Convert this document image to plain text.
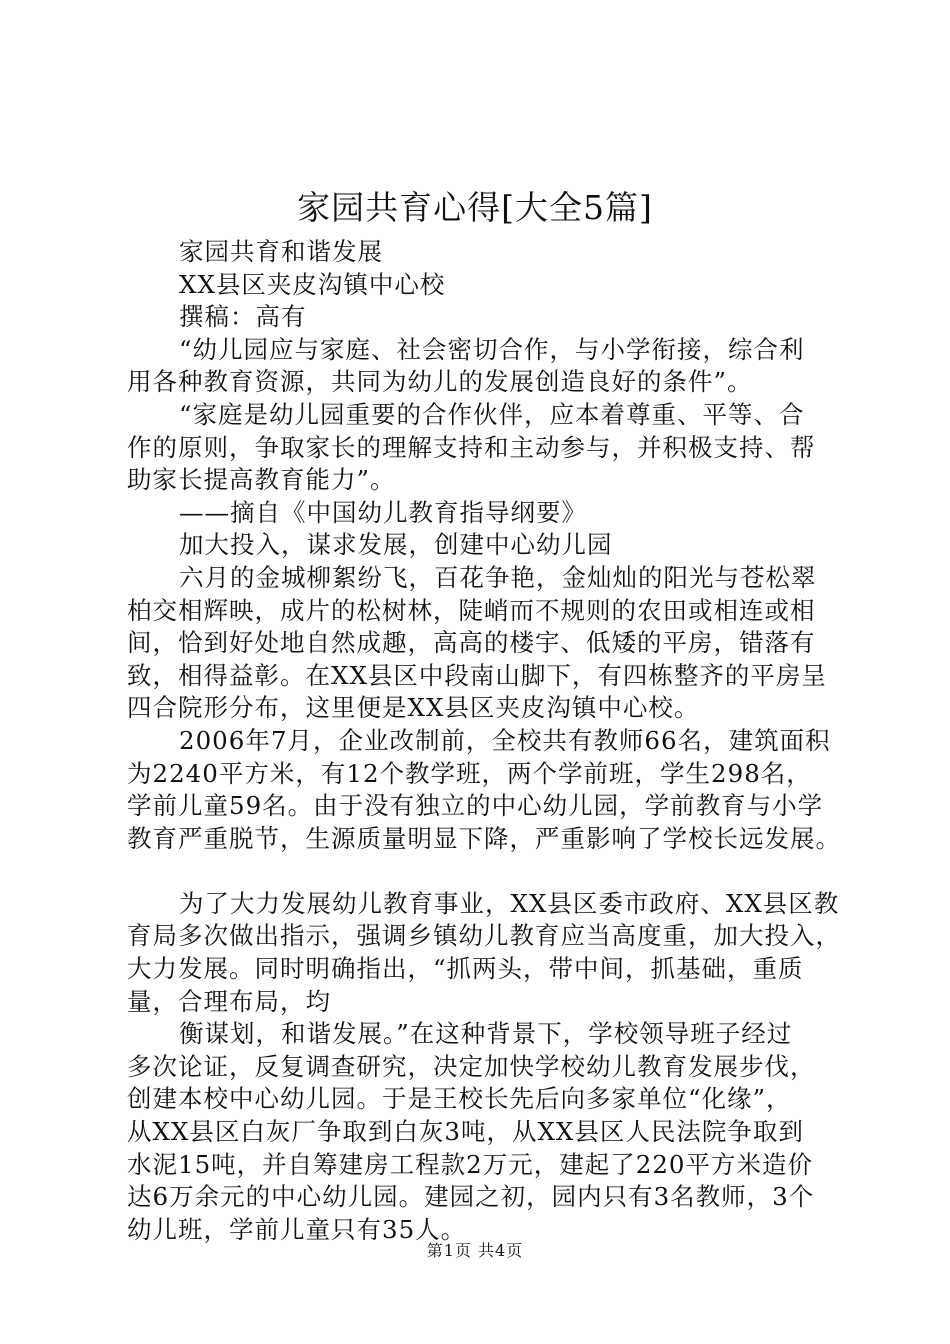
家园共育心得[大全5篇]
家园共育和谐发展
XX县区夹皮沟镇中心校
撰稿：高有
“幼儿园应与家庭、社会密切合作，与小学衔接，综合利
用各种教育资源，共同为幼儿的发展创造良好的条件”。
“家庭是幼儿园重要的合作伙伴，应本着尊重、平等、合
作的原则，争取家长的理解支持和主动参与，并积极支持、帮
助家长提高教育能力”。
——摘自《中国幼儿教育指导纲要》
加大投入，谋求发展，创建中心幼儿园
六月的金城柳絮纷飞，百花争艳，金灿灿的阳光与苍松翠
柏交相辉映，成片的松树林，陡峭而不规则的农田或相连或相
间，恰到好处地自然成趣，高高的楼宇、低矮的平房，错落有
致，相得益彰。在XX县区中段南山脚下，有四栋整齐的平房呈
四合院形分布，这里便是XX县区夹皮沟镇中心校。
2006年7月，企业改制前，全校共有教师66名，建筑面积
为2240平方米，有12个教学班，两个学前班，学生298名，
学前儿童59名。由于没有独立的中心幼儿园，学前教育与小学
教育严重脱节，生源质量明显下降，严重影响了学校长远发展。
为了大力发展幼儿教育事业，XX县区委市政府、XX县区教
育局多次做出指示，强调乡镇幼儿教育应当高度重，加大投入，
大力发展。同时明确指出，“抓两头，带中间，抓基础，重质
量，合理布局，均
衡谋划，和谐发展。”在这种背景下，学校领导班子经过
多次论证，反复调查研究，决定加快学校幼儿教育发展步伐，
创建本校中心幼儿园。于是王校长先后向多家单位“化缘”，
从XX县区白灰厂争取到白灰3吨，从XX县区人民法院争取到
水泥15吨，并自筹建房工程款2万元，建起了220平方米造价
达6万余元的中心幼儿园。建园之初，园内只有3名教师，3个
幼儿班，学前儿童只有35人。
第1页 共4页
